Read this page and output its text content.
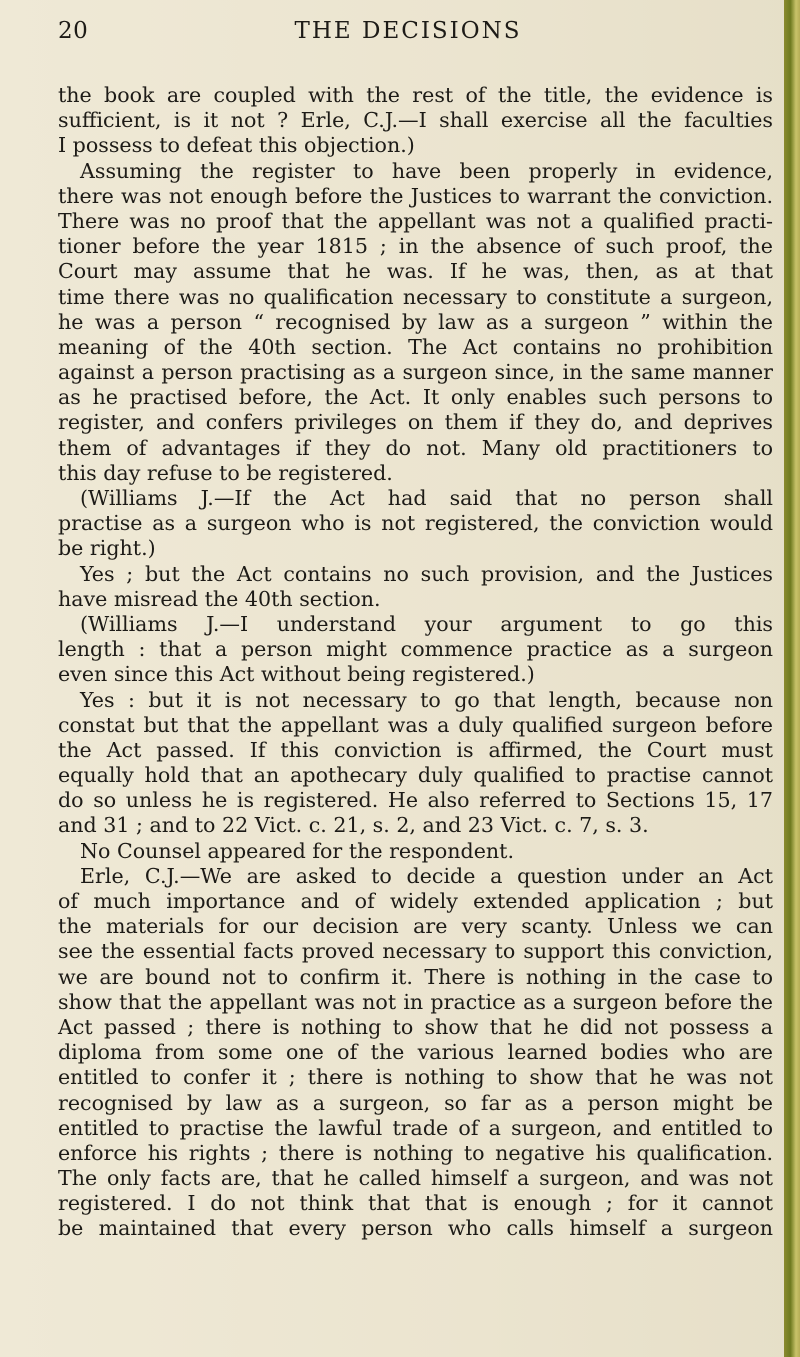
20	THE DECISIONS
the book are coupled with the rest of the title, the evidence is
sufficient, is it not ? Erle, C.J.—I shall exercise all the faculties
I possess to defeat this objection.)
Assuming the register to have been properly in evidence,
there was not enough before the Justices to warrant the conviction.
There was no proof that the appellant was not a qualified practi-
tioner before the year 1815 ; in the absence of such proof, the
Court may assume that he was. If he was, then, as at that
time there was no qualification necessary to constitute a surgeon,
he was a person “ recognised by law as a surgeon ” within the
meaning of the 40th section. The Act contains no prohibition
against a person practising as a surgeon since, in the same manner
as he practised before, the Act. It only enables such persons to
register, and confers privileges on them if they do, and deprives
them of advantages if they do not. Many old practitioners to
this day refuse to be registered.
(Williams J.—If the Act had said that no person shall
practise as a surgeon who is not registered, the conviction would
be right.)
Yes ; but the Act contains no such provision, and the Justices
have misread the 40th section.
(Williams J.—I understand your argument to go this
length : that a person might commence practice as a surgeon
even since this Act without being registered.)
Yes : but it is not necessary to go that length, because non
constat but that the appellant was a duly qualified surgeon before
the Act passed. If this conviction is affirmed, the Court must
equally hold that an apothecary duly qualified to practise cannot
do so unless he is registered. He also referred to Sections 15, 17
and 31 ; and to 22 Vict. c. 21, s. 2, and 23 Vict. c. 7, s. 3.
No Counsel appeared for the respondent.
Erle, C.J.—We are asked to decide a question under an Act
of much importance and of widely extended application ; but
the materials for our decision are very scanty. Unless we can
see the essential facts proved necessary to support this conviction,
we are bound not to confirm it. There is nothing in the case to
show that the appellant was not in practice as a surgeon before the
Act passed ; there is nothing to show that he did not possess a
diploma from some one of the various learned bodies who are
entitled to confer it ; there is nothing to show that he was not
recognised by law as a surgeon, so far as a person might be
entitled to practise the lawful trade of a surgeon, and entitled to
enforce his rights ; there is nothing to negative his qualification.
The only facts are, that he called himself a surgeon, and was not
registered. I do not think that that is enough ; for it cannot
be maintained that every person who calls himself a surgeon
